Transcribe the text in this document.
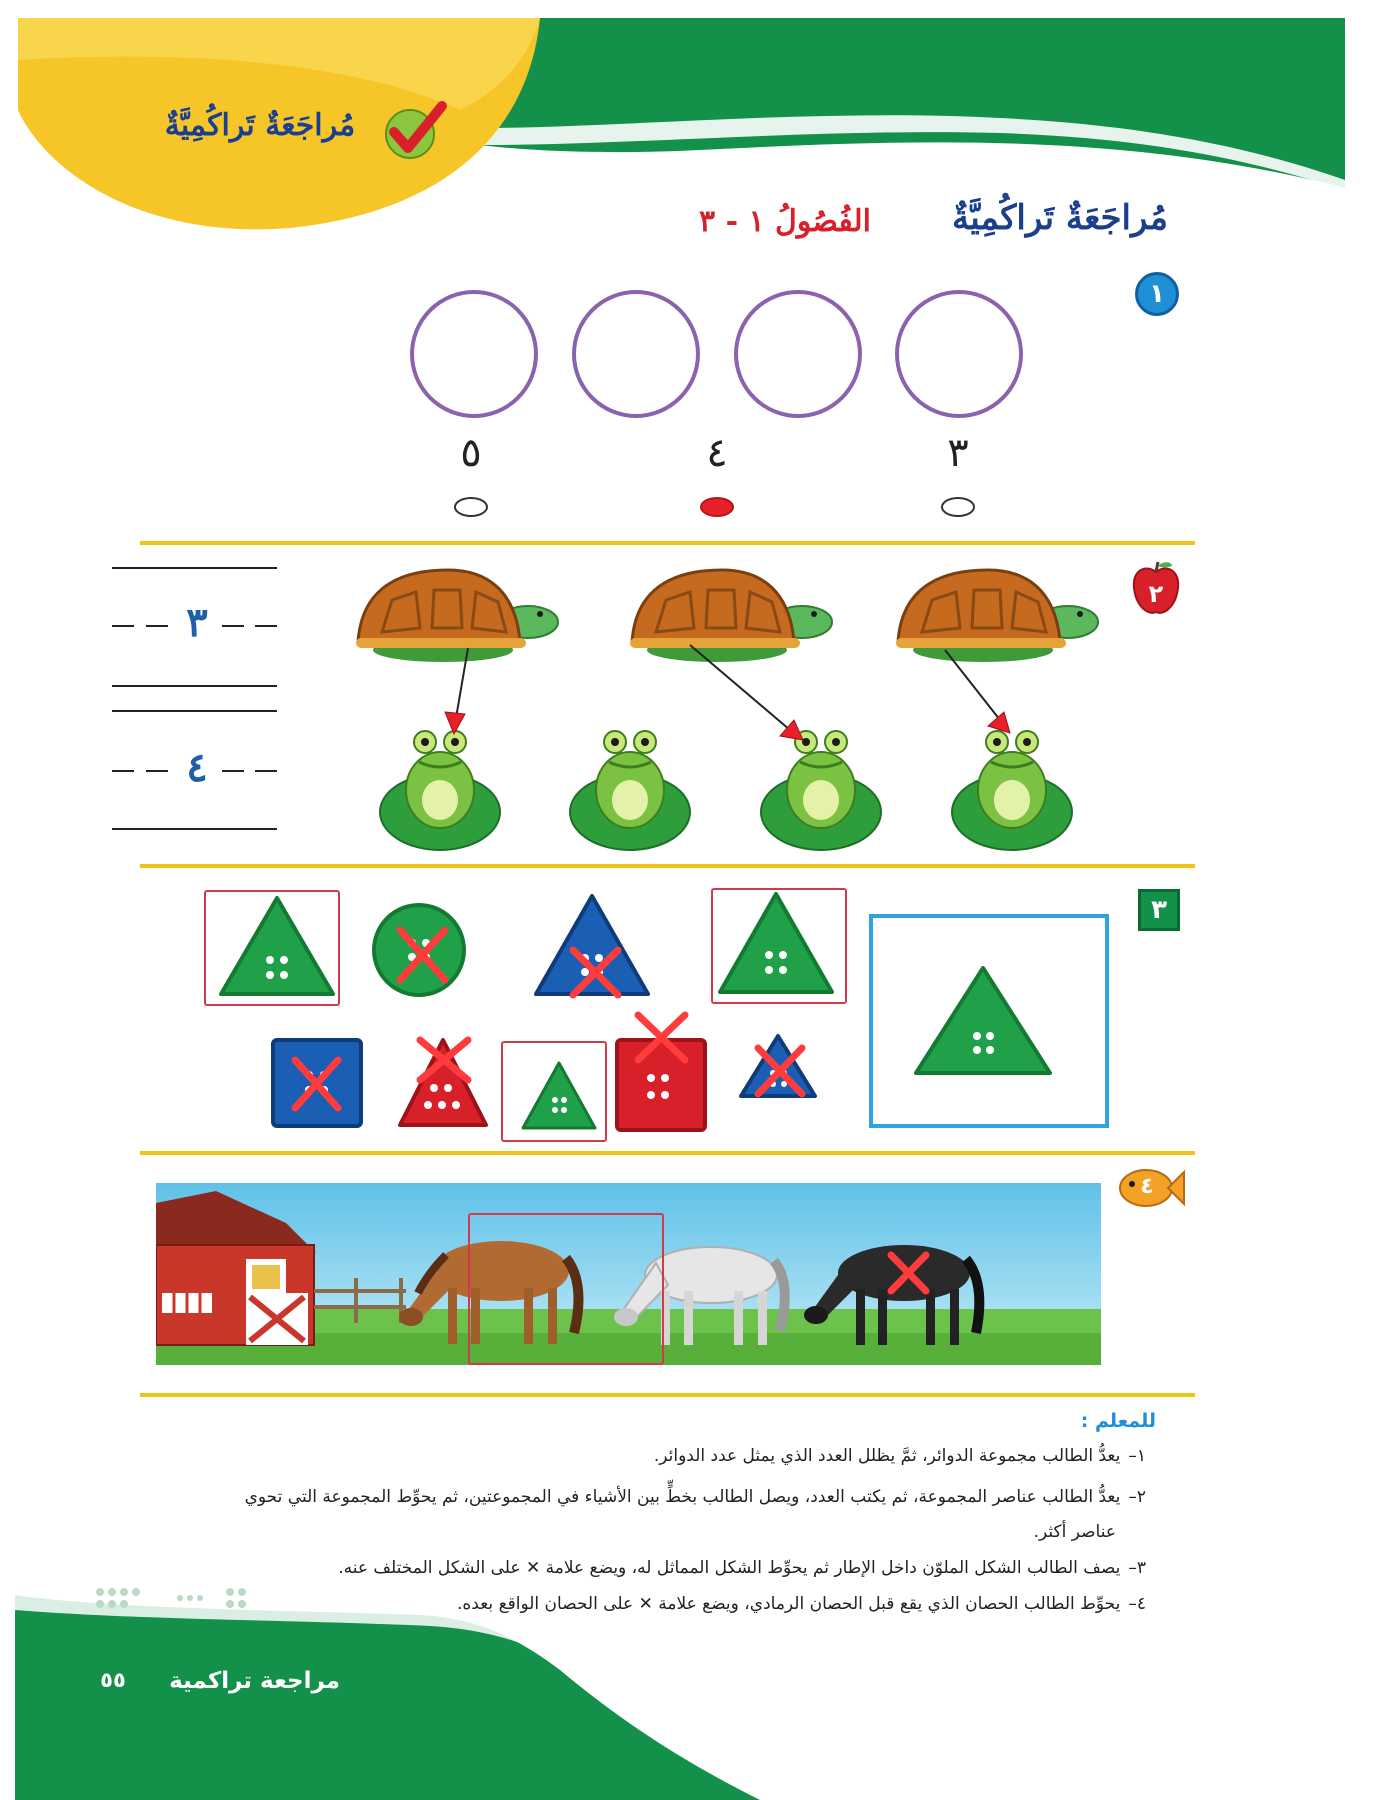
مُراجَعَةٌ تَراكُمِيَّةٌ
مُراجَعَةٌ تَراكُمِيَّةٌ
الفُصُولُ ١ - ٣
١
٣
٤
٥
٢
٣
٤
٣
٤
للمعلم :
١–يعدُّ الطالب مجموعة الدوائر، ثمَّ يظلل العدد الذي يمثل عدد الدوائر.
٢–يعدُّ الطالب عناصر المجموعة، ثم يكتب العدد، ويصل الطالب بخطٍّ بين الأشياء في المجموعتين، ثم يحوِّط المجموعة التي تحوي
عناصر أكثر.
٣–يصف الطالب الشكل الملوّن داخل الإطار ثم يحوِّط الشكل المماثل له، ويضع علامة ✕ على الشكل المختلف عنه.
٤–يحوِّط الطالب الحصان الذي يقع قبل الحصان الرمادي، ويضع علامة ✕ على الحصان الواقع بعده.
مراجعة تراكمية
٥٥
